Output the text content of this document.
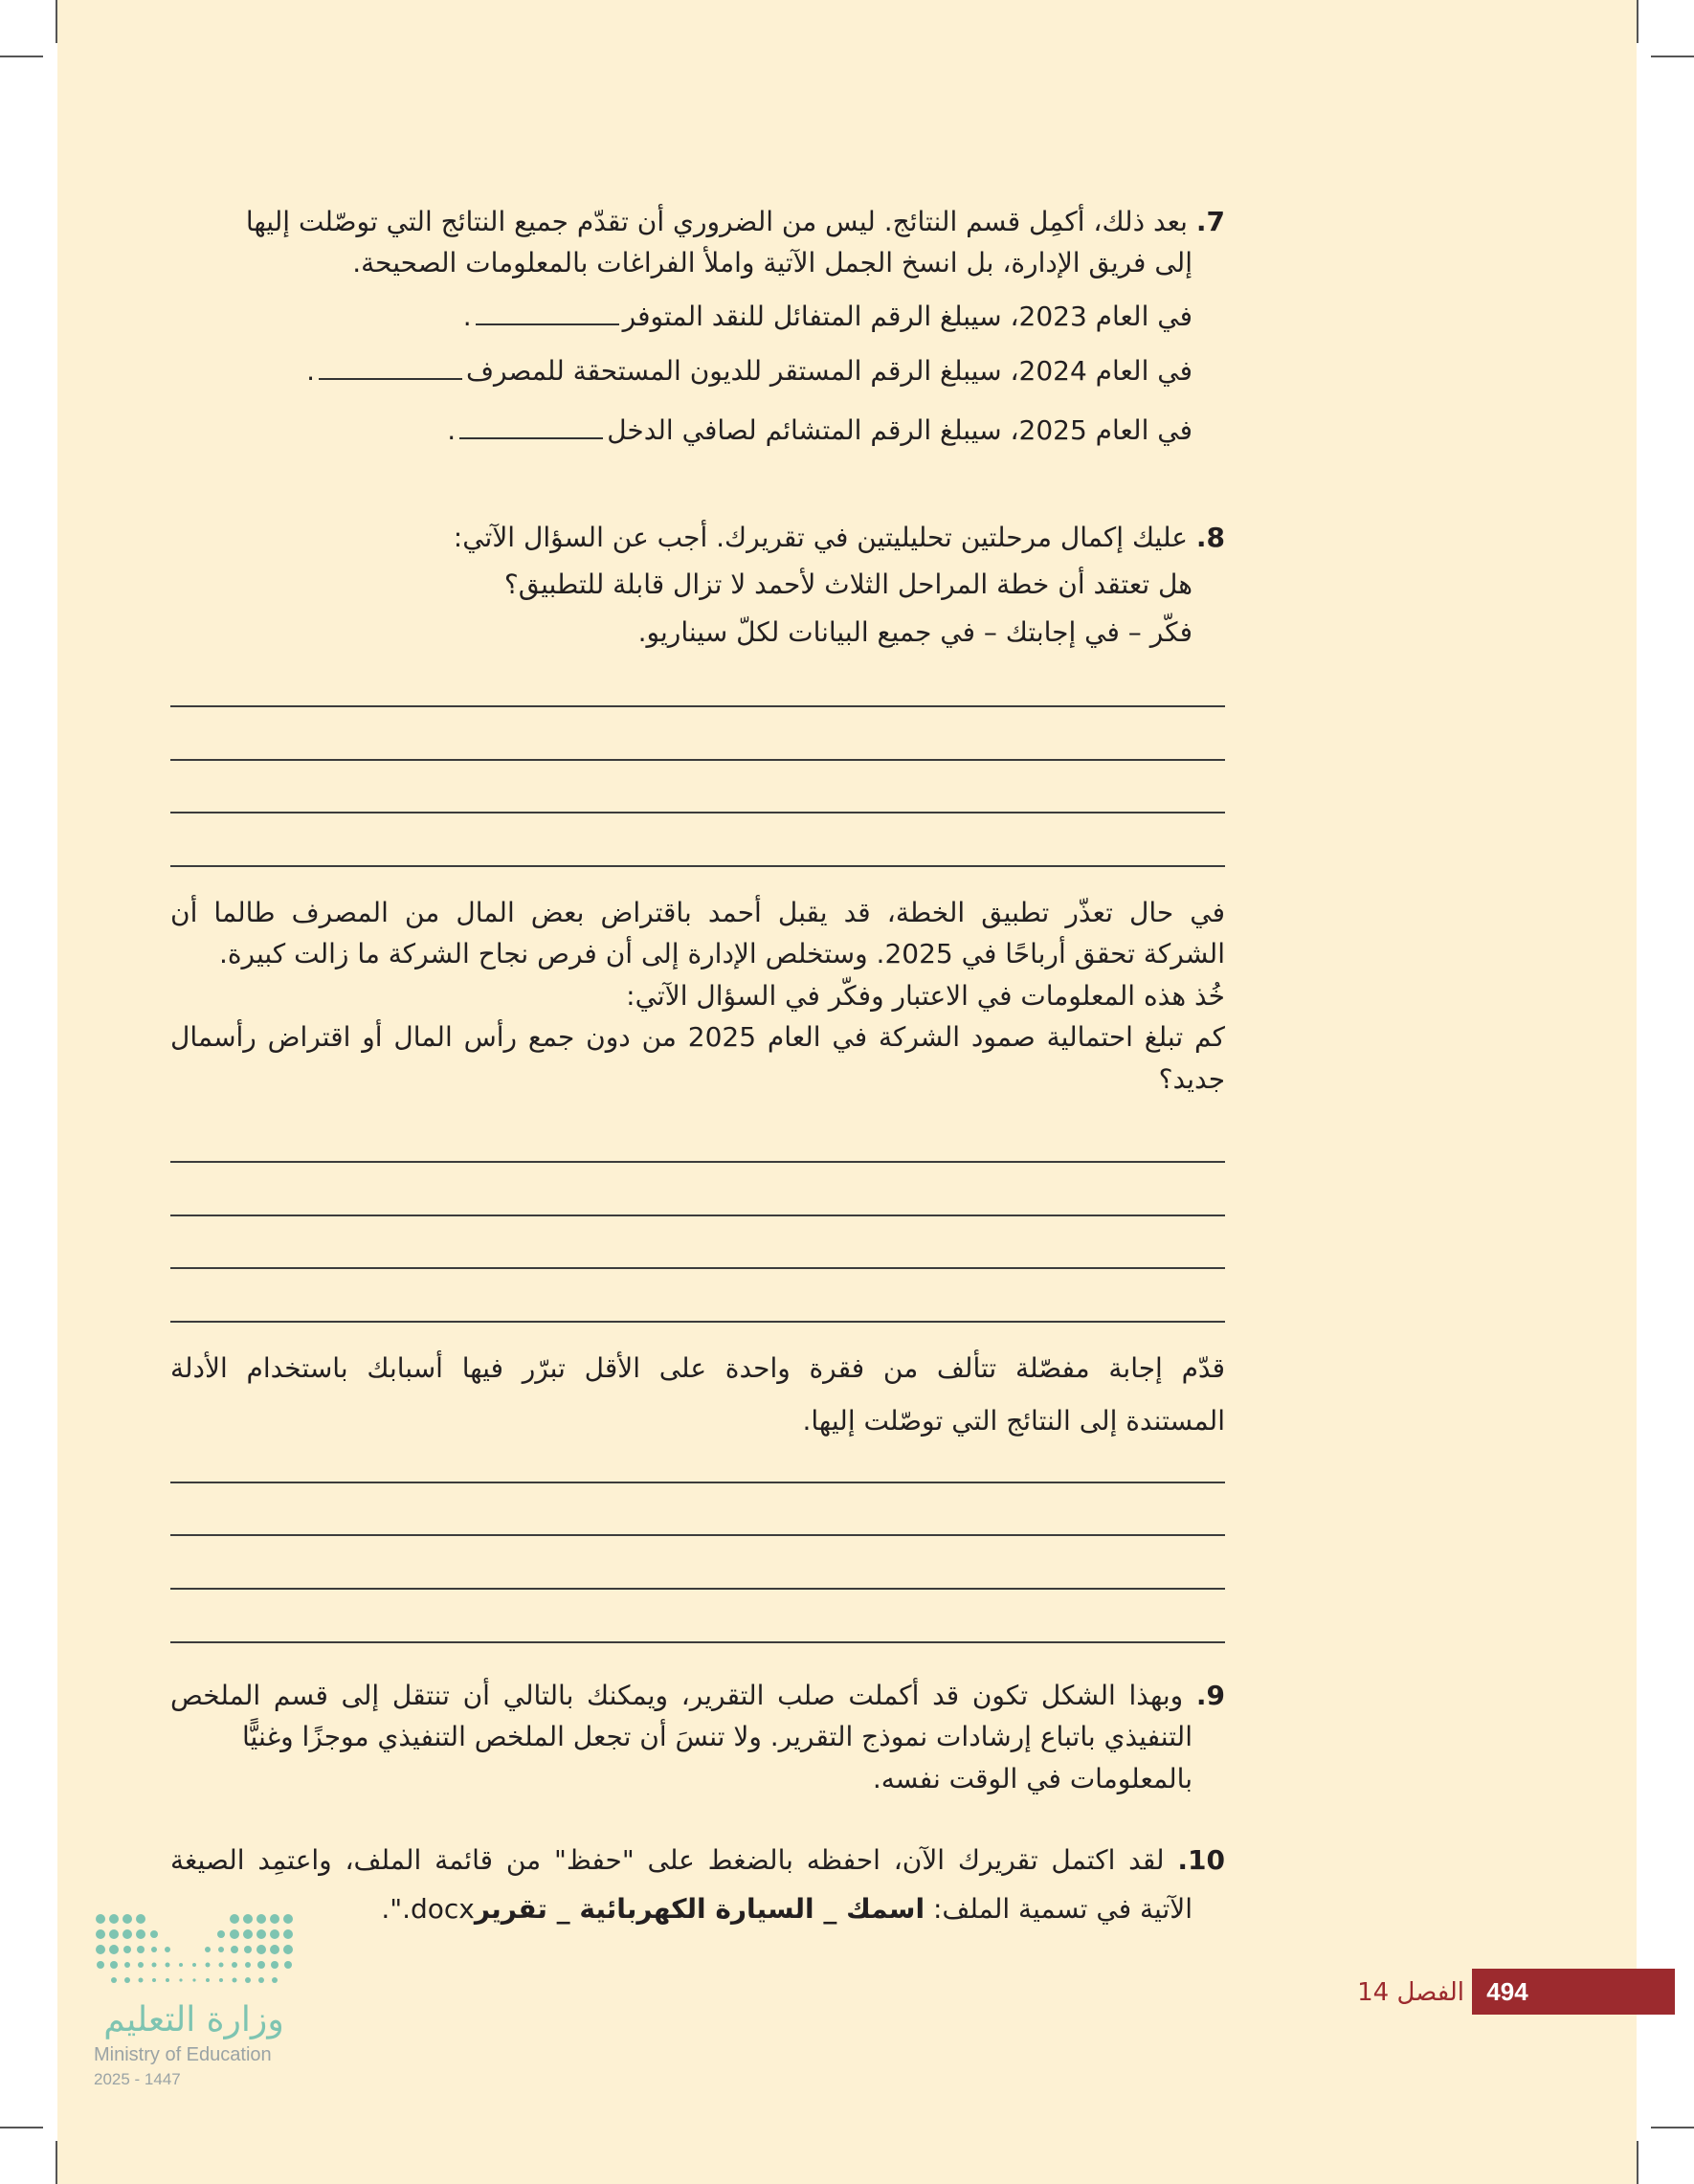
7. بعد ذلك، أكمِل قسم النتائج. ليس من الضروري أن تقدّم جميع النتائج التي توصّلت إليها

إلى فريق الإدارة، بل انسخ الجمل الآتية واملأ الفراغات بالمعلومات الصحيحة.

في العام 2023، سيبلغ الرقم المتفائل للنقد المتوفر.

في العام 2024، سيبلغ الرقم المستقر للديون المستحقة للمصرف.

في العام 2025، سيبلغ الرقم المتشائم لصافي الدخل.

8. عليك إكمال مرحلتين تحليليتين في تقريرك. أجب عن السؤال الآتي:

هل تعتقد أن خطة المراحل الثلاث لأحمد لا تزال قابلة للتطبيق؟

فكّر – في إجابتك – في جميع البيانات لكلّ سيناريو.

في حال تعذّر تطبيق الخطة، قد يقبل أحمد باقتراض بعض المال من المصرف طالما أن

الشركة تحقق أرباحًا في 2025. وستخلص الإدارة إلى أن فرص نجاح الشركة ما زالت كبيرة.

خُذ هذه المعلومات في الاعتبار وفكّر في السؤال الآتي:

كم تبلغ احتمالية صمود الشركة في العام 2025 من دون جمع رأس المال أو اقتراض رأسمال

جديد؟

قدّم إجابة مفصّلة تتألف من فقرة واحدة على الأقل تبرّر فيها أسبابك باستخدام الأدلة

المستندة إلى النتائج التي توصّلت إليها.

9. وبهذا الشكل تكون قد أكملت صلب التقرير، ويمكنك بالتالي أن تنتقل إلى قسم الملخص

التنفيذي باتباع إرشادات نموذج التقرير. ولا تنسَ أن تجعل الملخص التنفيذي موجزًا وغنيًّا

بالمعلومات في الوقت نفسه.

10. لقد اكتمل تقريرك الآن، احفظه بالضغط على "حفظ" من قائمة الملف، واعتمِد الصيغة

الآتية في تسمية الملف: اسمك _ السيارة الكهربائية _ تقريرdocx.".

494
الفصل 14
وزارة التعليم
Ministry of Education
2025 - 1447
